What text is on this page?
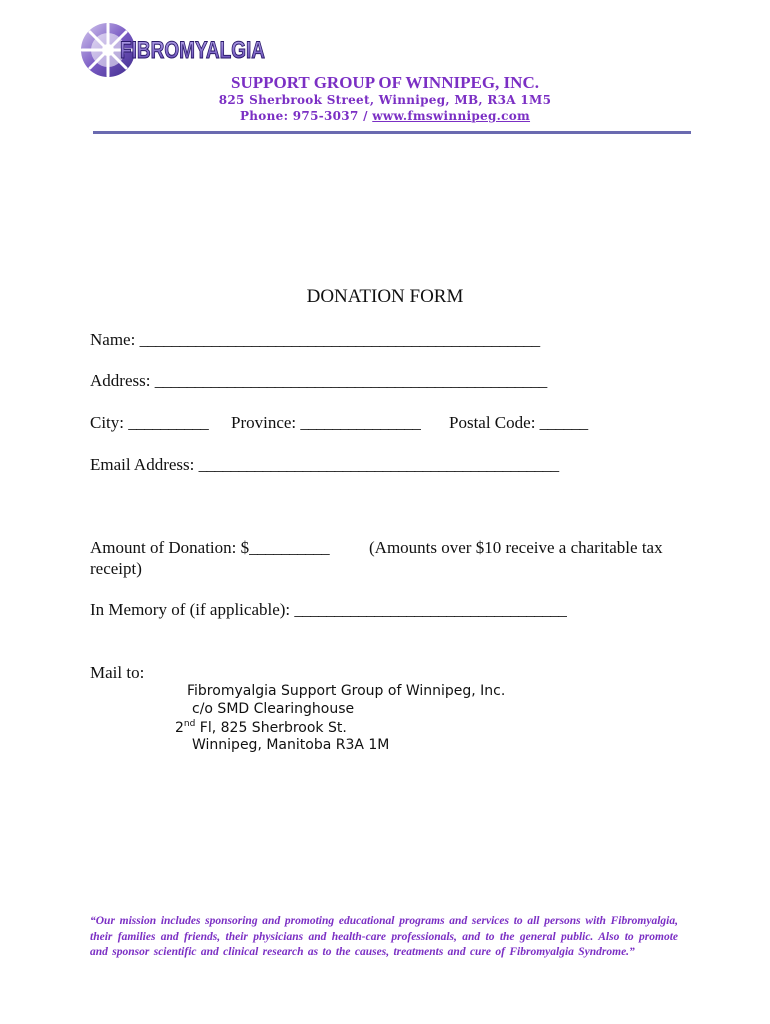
FIBROMYALGIA
SUPPORT GROUP OF WINNIPEG, INC.
825 Sherbrook Street, Winnipeg, MB, R3A 1M5
Phone: 975-3037 / www.fmswinnipeg.com
DONATION FORM
Name: __________________________________________________
Address: _________________________________________________
City: __________ Province: _______________ Postal Code: ______
Email Address: _____________________________________________
Amount of Donation: $__________ (Amounts over $10 receive a charitable tax
receipt)
In Memory of (if applicable): __________________________________
Mail to:
Fibromyalgia Support Group of Winnipeg, Inc.
c/o SMD Clearinghouse
2nd Fl, 825 Sherbrook St.
Winnipeg, Manitoba R3A 1M
“Our mission includes sponsoring and promoting educational programs and services to all persons with Fibromyalgia, their families and friends, their physicians and health-care professionals, and to the general public. Also to promote and sponsor scientific and clinical research as to the causes, treatments and cure of Fibromyalgia Syndrome.”
